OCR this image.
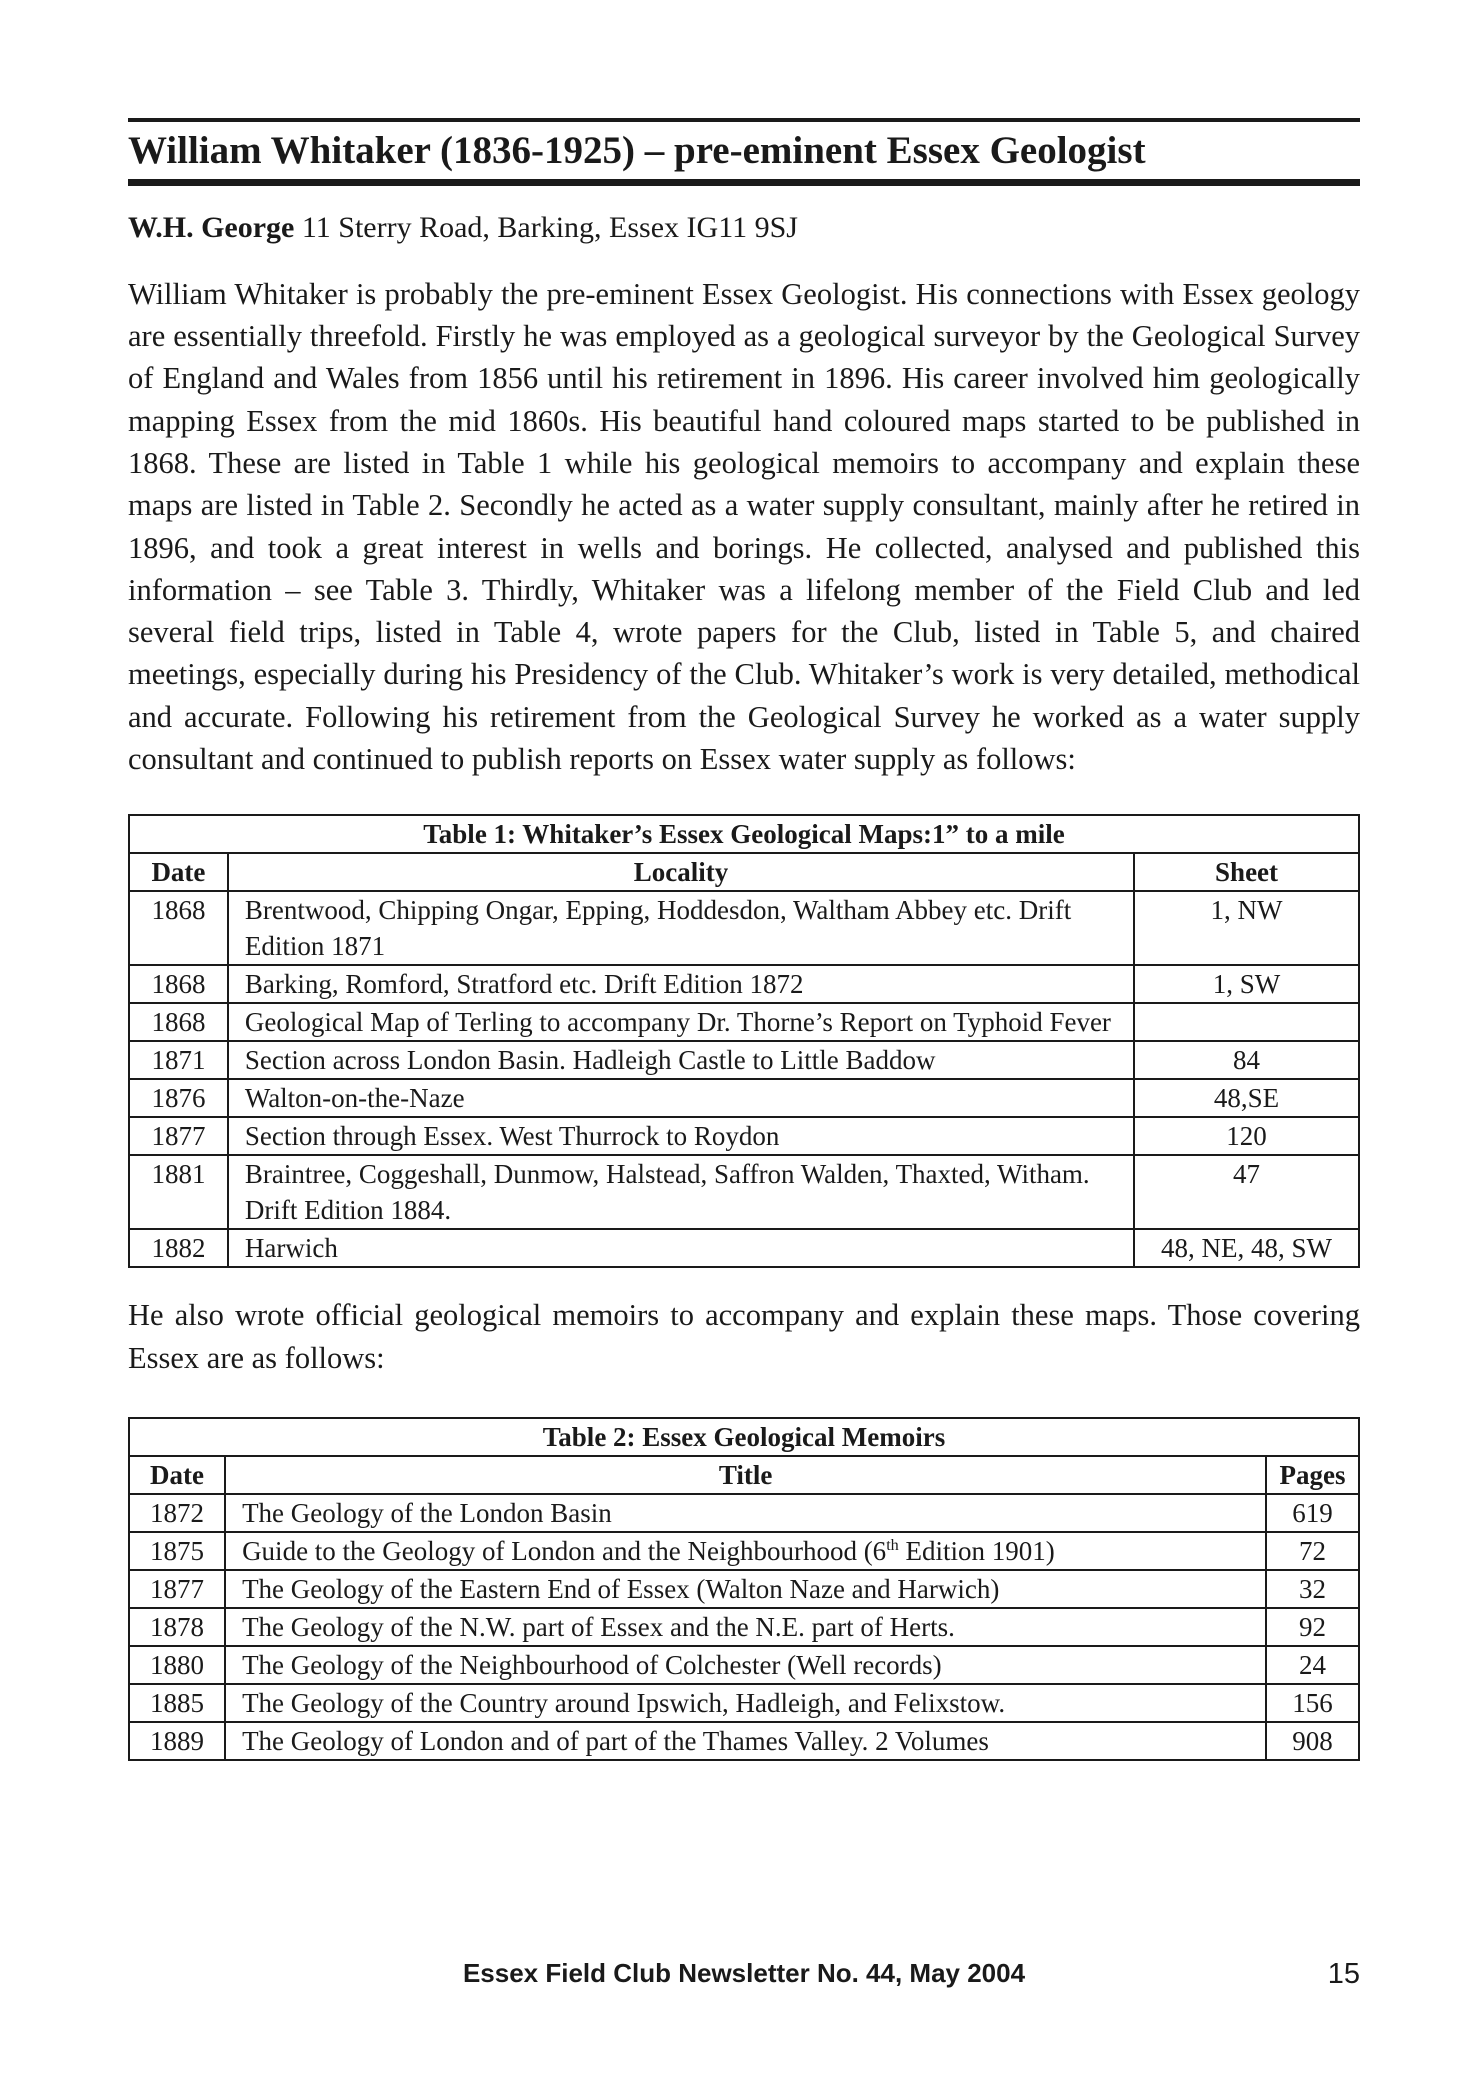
William Whitaker (1836-1925) – pre-eminent Essex Geologist

W.H. George 11 Sterry Road, Barking, Essex IG11 9SJ

William Whitaker is probably the pre-eminent Essex Geologist. His connections with Essex geology are essentially threefold. Firstly he was employed as a geological surveyor by the Geological Survey of England and Wales from 1856 until his retirement in 1896. His career involved him geologically mapping Essex from the mid 1860s. His beautiful hand coloured maps started to be published in 1868. These are listed in Table 1 while his geological memoirs to accompany and explain these maps are listed in Table 2. Secondly he acted as a water supply consultant, mainly after he retired in 1896, and took a great interest in wells and borings. He collected, analysed and published this information – see Table 3. Thirdly, Whitaker was a lifelong member of the Field Club and led several field trips, listed in Table 4, wrote papers for the Club, listed in Table 5, and chaired meetings, especially during his Presidency of the Club. Whitaker’s work is very detailed, methodical and accurate. Following his retirement from the Geological Survey he worked as a water supply consultant and continued to publish reports on Essex water supply as follows:

Table 1: Whitaker’s Essex Geological Maps:1” to a mile		
Date	Locality	Sheet
1868	Brentwood, Chipping Ongar, Epping, Hoddesdon, Waltham Abbey etc. Drift Edition 1871	1, NW
1868	Barking, Romford, Stratford etc. Drift Edition 1872	1, SW
1868	Geological Map of Terling to accompany Dr. Thorne’s Report on Typhoid Fever	
1871	Section across London Basin. Hadleigh Castle to Little Baddow	84
1876	Walton-on-the-Naze	48,SE
1877	Section through Essex. West Thurrock to Roydon	120
1881	Braintree, Coggeshall, Dunmow, Halstead, Saffron Walden, Thaxted, Witham. Drift Edition 1884.	47
1882	Harwich	48, NE, 48, SW

He also wrote official geological memoirs to accompany and explain these maps. Those covering Essex are as follows:

Table 2: Essex Geological Memoirs		
Date	Title	Pages
1872	The Geology of the London Basin	619
1875	Guide to the Geology of London and the Neighbourhood (6th Edition 1901)	72
1877	The Geology of the Eastern End of Essex (Walton Naze and Harwich)	32
1878	The Geology of the N.W. part of Essex and the N.E. part of Herts.	92
1880	The Geology of the Neighbourhood of Colchester (Well records)	24
1885	The Geology of the Country around Ipswich, Hadleigh, and Felixstow.	156
1889	The Geology of London and of part of the Thames Valley. 2 Volumes	908
Essex Field Club Newsletter No. 44, May 2004	15
